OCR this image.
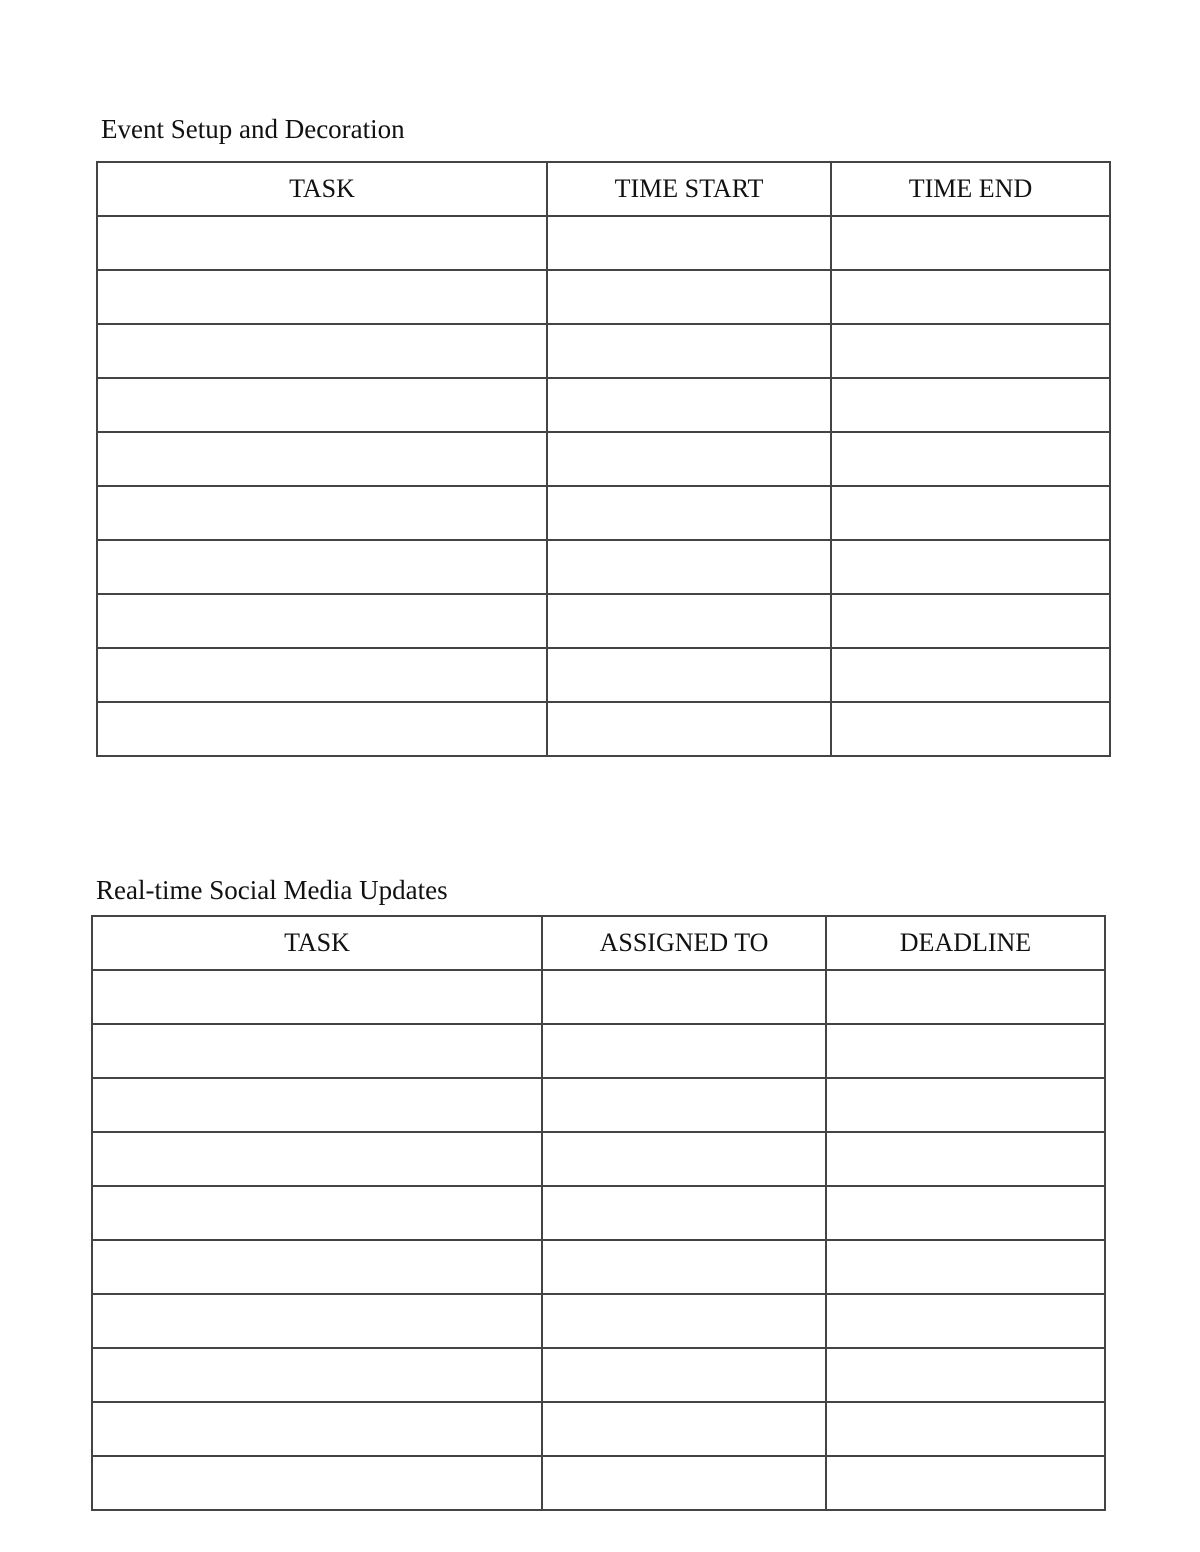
Event Setup and Decoration
TASK	TIME START	TIME END

Real-time Social Media Updates
TASK	ASSIGNED TO	DEADLINE
